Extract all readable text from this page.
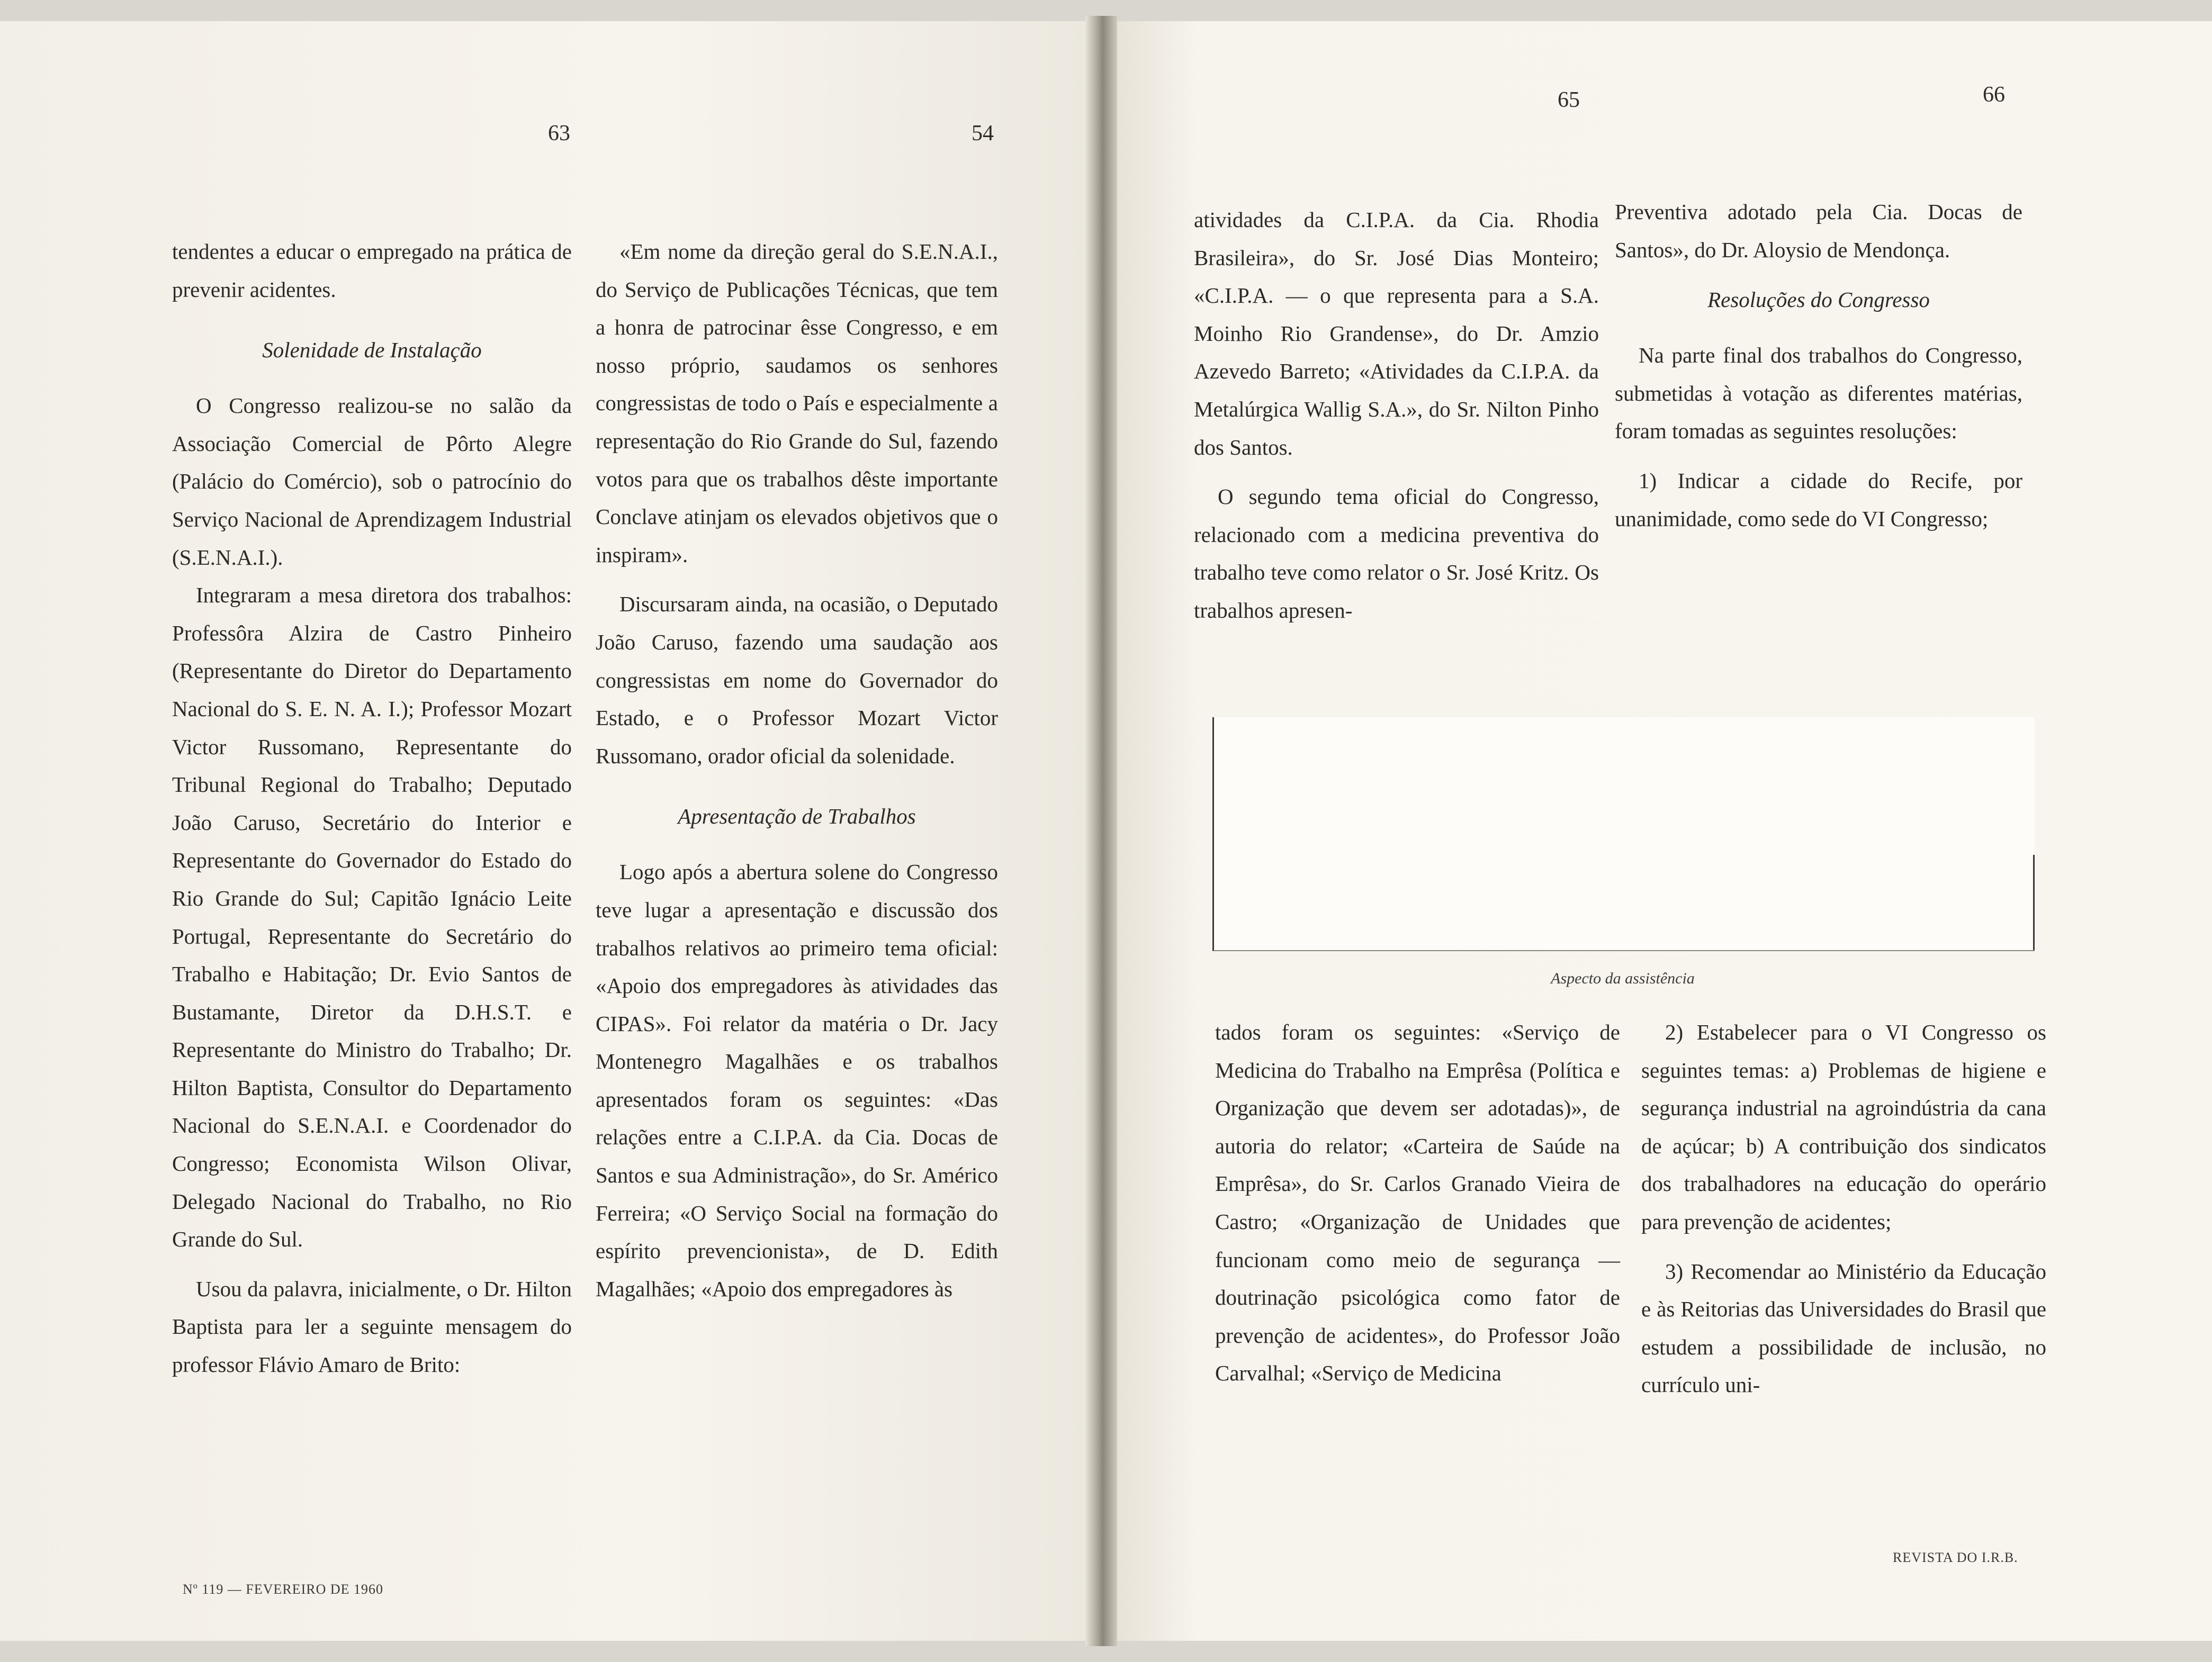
63	54
65	66

tendentes a educar o empregado na prática de prevenir acidentes.

Solenidade de Instalação

O Congresso realizou-se no salão da Associação Comercial de Pôrto Alegre (Palácio do Comércio), sob o patrocínio do Serviço Nacional de Aprendizagem Industrial (S.E.N.A.I.).

Integraram a mesa diretora dos trabalhos: Professôra Alzira de Castro Pinheiro (Representante do Diretor do Departamento Nacional do S. E. N. A. I.); Professor Mozart Victor Russomano, Representante do Tribunal Regional do Trabalho; Deputado João Caruso, Secretário do Interior e Representante do Governador do Estado do Rio Grande do Sul; Capitão Ignácio Leite Portugal, Representante do Secretário do Trabalho e Habitação; Dr. Evio Santos de Bustamante, Diretor da D.H.S.T. e Representante do Ministro do Trabalho; Dr. Hilton Baptista, Consultor do Departamento Nacional do S.E.N.A.I. e Coordenador do Congresso; Economista Wilson Olivar, Delegado Nacional do Trabalho, no Rio Grande do Sul.

Usou da palavra, inicialmente, o Dr. Hilton Baptista para ler a seguinte mensagem do professor Flávio Amaro de Brito:

«Em nome da direção geral do S.E.N.A.I., do Serviço de Publicações Técnicas, que tem a honra de patrocinar êsse Congresso, e em nosso próprio, saudamos os senhores congressistas de todo o País e especialmente a representação do Rio Grande do Sul, fazendo votos para que os trabalhos dêste importante Conclave atinjam os elevados objetivos que o inspiram».

Discursaram ainda, na ocasião, o Deputado João Caruso, fazendo uma saudação aos congressistas em nome do Governador do Estado, e o Professor Mozart Victor Russomano, orador oficial da solenidade.

Apresentação de Trabalhos

Logo após a abertura solene do Congresso teve lugar a apresentação e discussão dos trabalhos relativos ao primeiro tema oficial: «Apoio dos empregadores às atividades das CIPAS». Foi relator da matéria o Dr. Jacy Montenegro Magalhães e os trabalhos apresentados foram os seguintes: «Das relações entre a C.I.P.A. da Cia. Docas de Santos e sua Administração», do Sr. Américo Ferreira; «O Serviço Social na formação do espírito prevencionista», de D. Edith Magalhães; «Apoio dos empregadores às

atividades da C.I.P.A. da Cia. Rhodia Brasileira», do Sr. José Dias Monteiro; «C.I.P.A. — o que representa para a S.A. Moinho Rio Grandense», do Dr. Amzio Azevedo Barreto; «Atividades da C.I.P.A. da Metalúrgica Wallig S.A.», do Sr. Nilton Pinho dos Santos.

O segundo tema oficial do Congresso, relacionado com a medicina preventiva do trabalho teve como relator o Sr. José Kritz. Os trabalhos apresen-

Preventiva adotado pela Cia. Docas de Santos», do Dr. Aloysio de Mendonça.

Resoluções do Congresso

Na parte final dos trabalhos do Congresso, submetidas à votação as diferentes matérias, foram tomadas as seguintes resoluções:

1) Indicar a cidade do Recife, por unanimidade, como sede do VI Congresso;

Aspecto da assistência

tados foram os seguintes: «Serviço de Medicina do Trabalho na Emprêsa (Política e Organização que devem ser adotadas)», de autoria do relator; «Carteira de Saúde na Emprêsa», do Sr. Carlos Granado Vieira de Castro; «Organização de Unidades que funcionam como meio de segurança — doutrinação psicológica como fator de prevenção de acidentes», do Professor João Carvalhal; «Serviço de Medicina

2) Estabelecer para o VI Congresso os seguintes temas: a) Problemas de higiene e segurança industrial na agroindústria da cana de açúcar; b) A contribuição dos sindicatos dos trabalhadores na educação do operário para prevenção de acidentes;

3) Recomendar ao Ministério da Educação e às Reitorias das Universidades do Brasil que estudem a possibilidade de inclusão, no currículo uni-

Nº 119 — FEVEREIRO DE 1960
REVISTA DO I.R.B.
